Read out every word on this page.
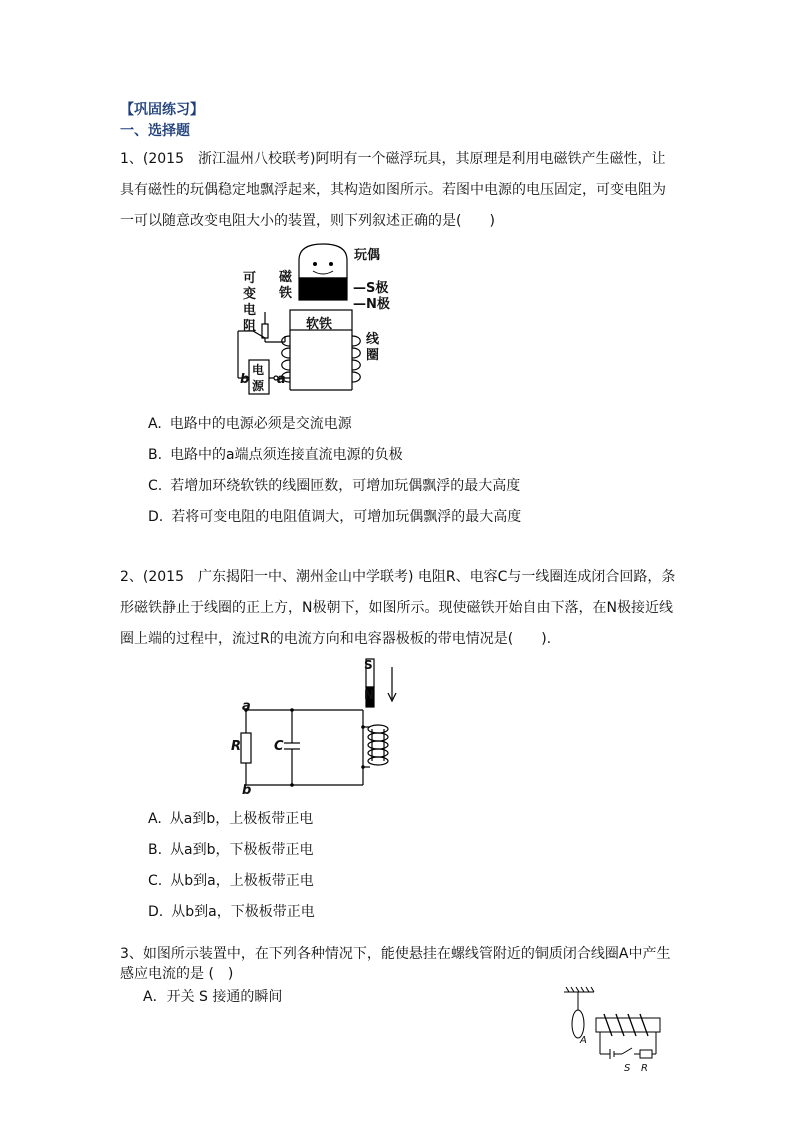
【巩固练习】
一、选择题
1、(2015　浙江温州八校联考)阿明有一个磁浮玩具，其原理是利用电磁铁产生磁性，让具有磁性的玩偶稳定地飘浮起来，其构造如图所示。若图中电源的电压固定，可变电阻为一可以随意改变电阻大小的装置，则下列叙述正确的是(　　)
玩偶
磁
铁	—S极
—N极
可
变
电
阻	软铁
线
圈
电
源
b a
A. 电路中的电源必须是交流电源
B. 电路中的a端点须连接直流电源的负极
C. 若增加环绕软铁的线圈匝数，可增加玩偶飘浮的最大高度
D. 若将可变电阻的电阻值调大，可增加玩偶飘浮的最大高度
2、(2015　广东揭阳一中、潮州金山中学联考) 电阻R、电容C与一线圈连成闭合回路，条形磁铁静止于线圈的正上方，N极朝下，如图所示。现使磁铁开始自由下落，在N极接近线圈上端的过程中，流过R的电流方向和电容器极板的带电情况是(　　).
S
N
a
R	C
b
A. 从a到b，上极板带正电
B. 从a到b，下极板带正电
C. 从b到a，上极板带正电
D. 从b到a，下极板带正电
3、如图所示装置中，在下列各种情况下，能使悬挂在螺线管附近的铜质闭合线圈A中产生感应电流的是 (　)
A．开关 S 接通的瞬间
A
S R
